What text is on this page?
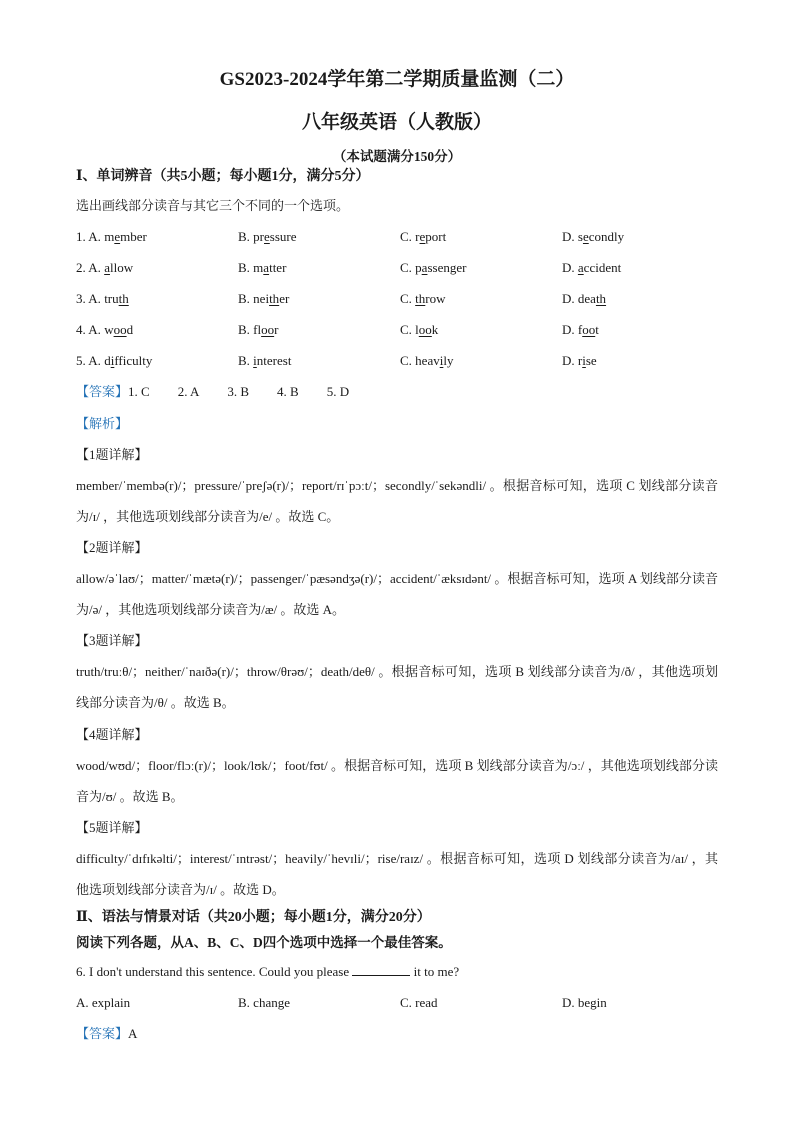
GS2023-2024学年第二学期质量监测（二）
八年级英语（人教版）
（本试题满分150分）
Ⅰ、单词辨音（共5小题；每小题1分，满分5分）
选出画线部分读音与其它三个不同的一个选项。
1. A. member	B. pressure	C. report	D. secondly
2. A. allow	B. matter	C. passenger	D. accident
3. A. truth	B. neither	C. throw	D. death
4. A. wood	B. floor	C. look	D. foot
5. A. difficulty	B. interest	C. heavily	D. rise
【答案】1. C 2. A 3. B 4. B 5. D
【解析】
【1题详解】
member/ˈmembə(r)/；pressure/ˈpreʃə(r)/；report/rɪˈpɔːt/；secondly/ˈsekəndli/ 。根据音标可知，选项 C 划线部分读音为/ɪ/ ，其他选项划线部分读音为/e/ 。故选 C。
【2题详解】
allow/əˈlaʊ/；matter/ˈmætə(r)/；passenger/ˈpæsəndʒə(r)/；accident/ˈæksɪdənt/ 。根据音标可知，选项 A 划线部分读音为/ə/ ，其他选项划线部分读音为/æ/ 。故选 A。
【3题详解】
truth/truːθ/；neither/ˈnaɪðə(r)/；throw/θrəʊ/；death/deθ/ 。根据音标可知，选项 B 划线部分读音为/ð/ ，其他选项划线部分读音为/θ/ 。故选 B。
【4题详解】
wood/wʊd/；floor/flɔː(r)/；look/lʊk/；foot/fʊt/ 。根据音标可知，选项 B 划线部分读音为/ɔː/ ，其他选项划线部分读音为/ʊ/ 。故选 B。
【5题详解】
difficulty/ˈdɪfɪkəlti/；interest/ˈɪntrəst/；heavily/ˈhevɪli/；rise/raɪz/ 。根据音标可知，选项 D 划线部分读音为/aɪ/ ，其他选项划线部分读音为/ɪ/ 。故选 D。
Ⅱ、语法与情景对话（共20小题；每小题1分，满分20分）
阅读下列各题，从A、B、C、D四个选项中选择一个最佳答案。
6. I don't understand this sentence. Could you please	it to me?
A. explain	B. change	C. read	D. begin
【答案】A
